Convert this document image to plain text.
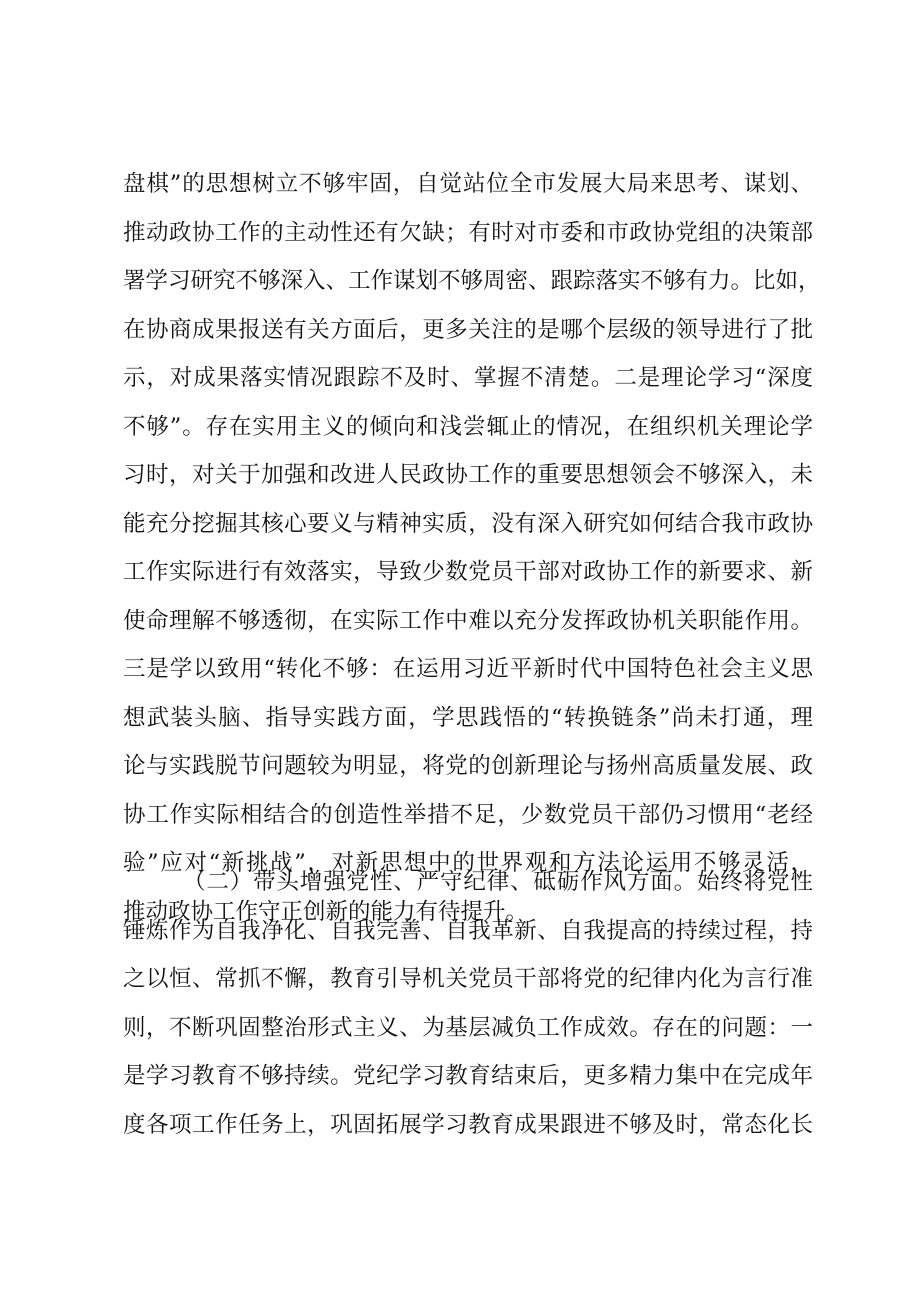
盘棋”的思想树立不够牢固，自觉站位全市发展大局来思考、谋划、
推动政协工作的主动性还有欠缺；有时对市委和市政协党组的决策部
署学习研究不够深入、工作谋划不够周密、跟踪落实不够有力。比如，
在协商成果报送有关方面后，更多关注的是哪个层级的领导进行了批
示，对成果落实情况跟踪不及时、掌握不清楚。二是理论学习“深度
不够”。存在实用主义的倾向和浅尝辄止的情况，在组织机关理论学
习时，对关于加强和改进人民政协工作的重要思想领会不够深入，未
能充分挖掘其核心要义与精神实质，没有深入研究如何结合我市政协
工作实际进行有效落实，导致少数党员干部对政协工作的新要求、新
使命理解不够透彻，在实际工作中难以充分发挥政协机关职能作用。
三是学以致用“转化不够：在运用习近平新时代中国特色社会主义思
想武装头脑、指导实践方面，学思践悟的“转换链条”尚未打通，理
论与实践脱节问题较为明显，将党的创新理论与扬州高质量发展、政
协工作实际相结合的创造性举措不足，少数党员干部仍习惯用“老经
验”应对“新挑战”，对新思想中的世界观和方法论运用不够灵活，
推动政协工作守正创新的能力有待提升。
（二）带头增强党性、严守纪律、砥砺作风方面。始终将党性
锤炼作为自我净化、自我完善、自我革新、自我提高的持续过程，持
之以恒、常抓不懈，教育引导机关党员干部将党的纪律内化为言行准
则，不断巩固整治形式主义、为基层减负工作成效。存在的问题：一
是学习教育不够持续。党纪学习教育结束后，更多精力集中在完成年
度各项工作任务上，巩固拓展学习教育成果跟进不够及时，常态化长
